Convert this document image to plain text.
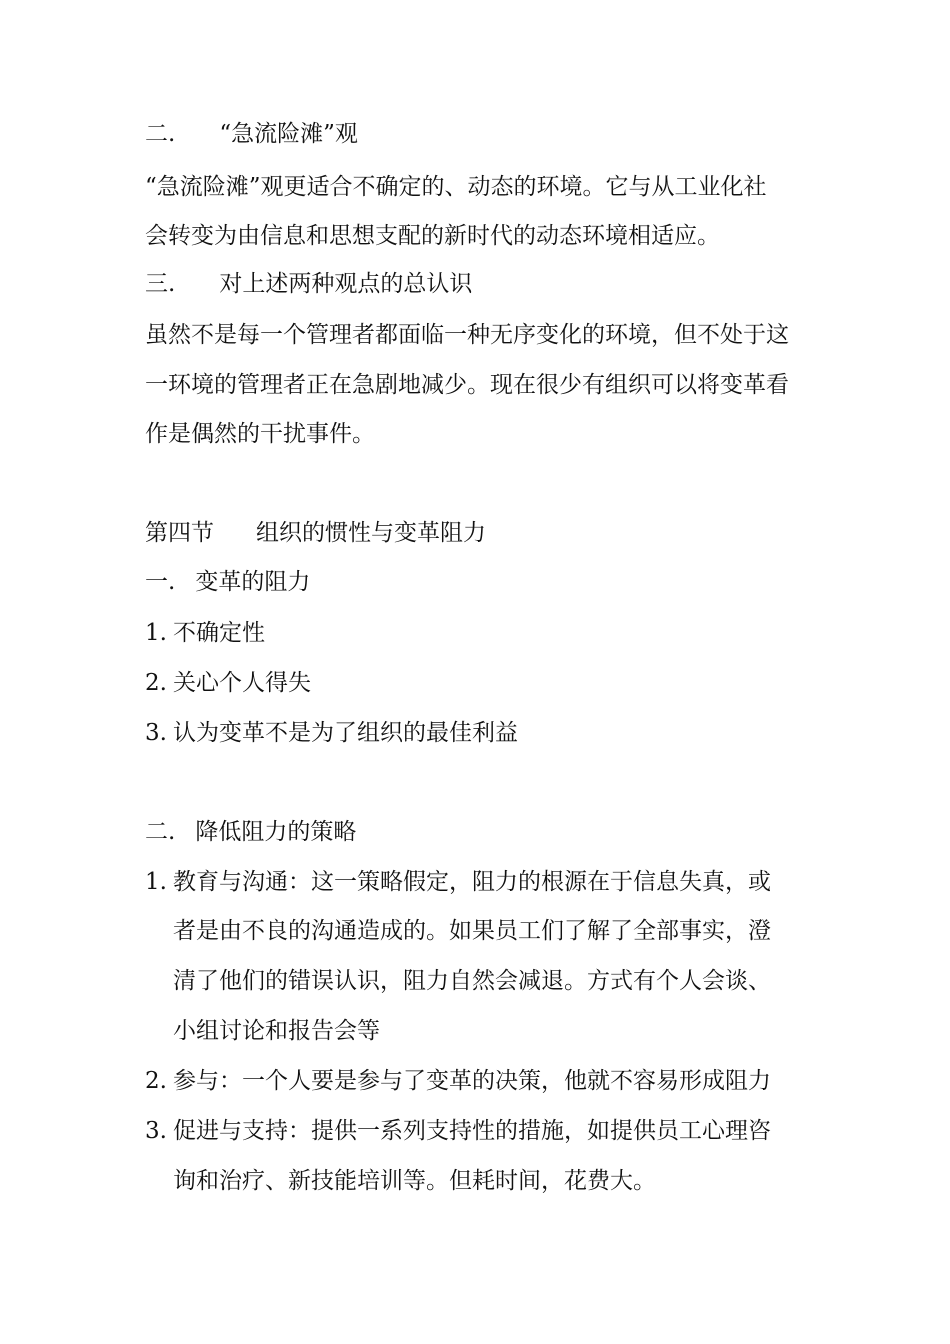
二. “急流险滩”观
“急流险滩”观更适合不确定的、动态的环境。它与从工业化社
会转变为由信息和思想支配的新时代的动态环境相适应。
三. 对上述两种观点的总认识
虽然不是每一个管理者都面临一种无序变化的环境，但不处于这
一环境的管理者正在急剧地减少。现在很少有组织可以将变革看
作是偶然的干扰事件。
第四节 组织的惯性与变革阻力
一. 变革的阻力
1. 不确定性
2. 关心个人得失
3. 认为变革不是为了组织的最佳利益
二. 降低阻力的策略
1. 教育与沟通：这一策略假定，阻力的根源在于信息失真，或
者是由不良的沟通造成的。如果员工们了解了全部事实，澄
清了他们的错误认识，阻力自然会减退。方式有个人会谈、
小组讨论和报告会等
2. 参与：一个人要是参与了变革的决策，他就不容易形成阻力
3. 促进与支持：提供一系列支持性的措施，如提供员工心理咨
询和治疗、新技能培训等。但耗时间，花费大。
